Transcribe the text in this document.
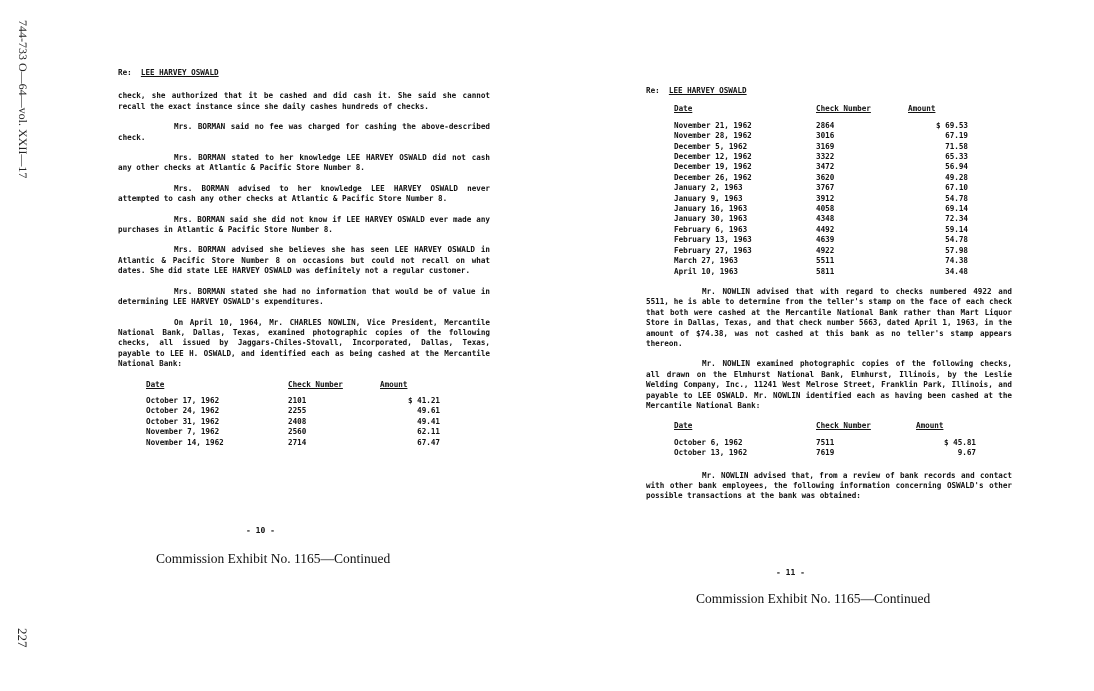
744-733 O—64—vol. XXII—17
227
Re: LEE HARVEY OSWALD

check, she authorized that it be cashed and did cash it. She said she cannot recall the exact instance since she daily cashes hundreds of checks.

Mrs. BORMAN said no fee was charged for cashing the above-described check.

Mrs. BORMAN stated to her knowledge LEE HARVEY OSWALD did not cash any other checks at Atlantic & Pacific Store Number 8.

Mrs. BORMAN advised to her knowledge LEE HARVEY OSWALD never attempted to cash any other checks at Atlantic & Pacific Store Number 8.

Mrs. BORMAN said she did not know if LEE HARVEY OSWALD ever made any purchases in Atlantic & Pacific Store Number 8.

Mrs. BORMAN advised she believes she has seen LEE HARVEY OSWALD in Atlantic & Pacific Store Number 8 on occasions but could not recall on what dates. She did state LEE HARVEY OSWALD was definitely not a regular customer.

Mrs. BORMAN stated she had no information that would be of value in determining LEE HARVEY OSWALD's expenditures.

On April 10, 1964, Mr. CHARLES NOWLIN, Vice President, Mercantile National Bank, Dallas, Texas, examined photographic copies of the following checks, all issued by Jaggars-Chiles-Stovall, Incorporated, Dallas, Texas, payable to LEE H. OSWALD, and identified each as being cashed at the Mercantile National Bank:

Date	Check Number	Amount
October 17, 1962	2101	$ 41.21
October 24, 1962	2255	49.61
October 31, 1962	2408	49.41
November 7, 1962	2560	62.11
November 14, 1962	2714	67.47
- 10 -
Commission Exhibit No. 1165—Continued
Re: LEE HARVEY OSWALD
Date	Check Number	Amount
November 21, 1962	2864	$ 69.53
November 28, 1962	3016	67.19
December 5, 1962	3169	71.58
December 12, 1962	3322	65.33
December 19, 1962	3472	56.94
December 26, 1962	3620	49.28
January 2, 1963	3767	67.10
January 9, 1963	3912	54.78
January 16, 1963	4058	69.14
January 30, 1963	4348	72.34
February 6, 1963	4492	59.14
February 13, 1963	4639	54.78
February 27, 1963	4922	57.98
March 27, 1963	5511	74.38
April 10, 1963	5811	34.48

Mr. NOWLIN advised that with regard to checks numbered 4922 and 5511, he is able to determine from the teller's stamp on the face of each check that both were cashed at the Mercantile National Bank rather than Mart Liquor Store in Dallas, Texas, and that check number 5663, dated April 1, 1963, in the amount of $74.38, was not cashed at this bank as no teller's stamp appears thereon.

Mr. NOWLIN examined photographic copies of the following checks, all drawn on the Elmhurst National Bank, Elmhurst, Illinois, by the Leslie Welding Company, Inc., 11241 West Melrose Street, Franklin Park, Illinois, and payable to LEE OSWALD. Mr. NOWLIN identified each as having been cashed at the Mercantile National Bank:

Date	Check Number	Amount
October 6, 1962	7511	$ 45.81
October 13, 1962	7619	9.67

Mr. NOWLIN advised that, from a review of bank records and contact with other bank employees, the following information concerning OSWALD's other possible transactions at the bank was obtained:

- 11 -
Commission Exhibit No. 1165—Continued
